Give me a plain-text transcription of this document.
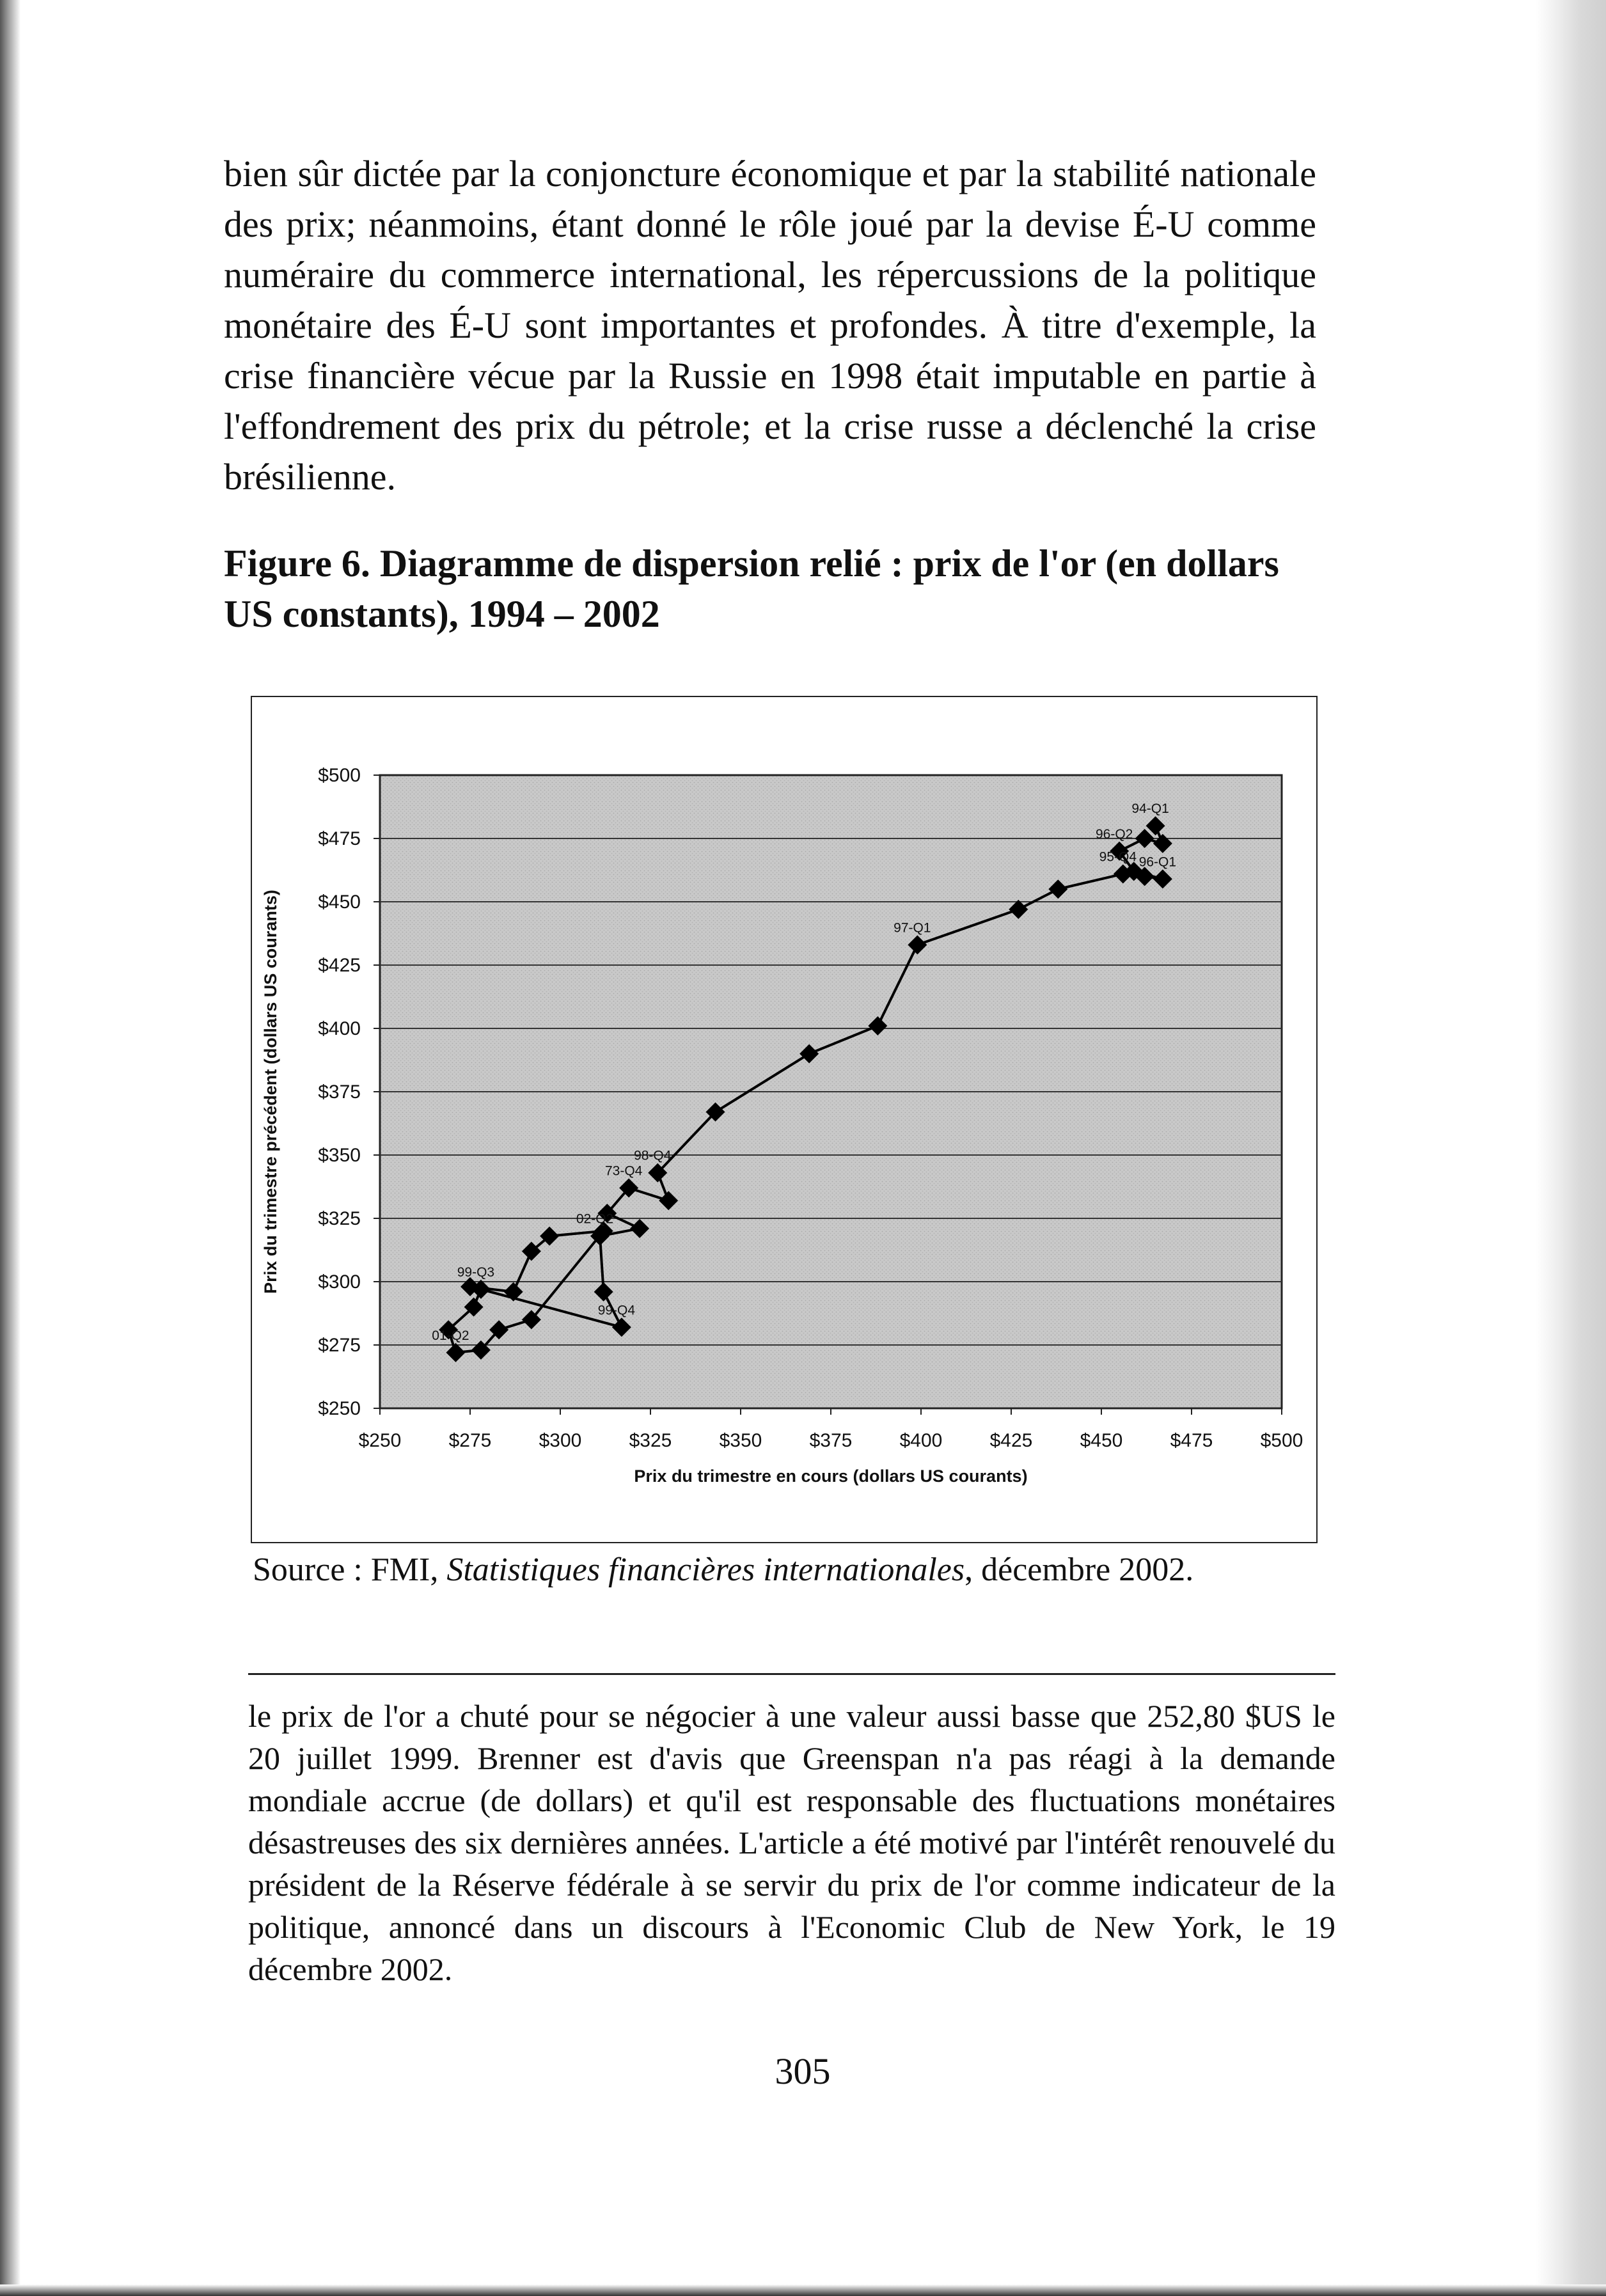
bien sûr dictée par la conjoncture économique et par la stabilité nationale des prix; néanmoins, étant donné le rôle joué par la devise É-U comme numéraire du commerce international, les répercussions de la politique monétaire des É-U sont importantes et profondes. À titre d'exemple, la crise financière vécue par la Russie en 1998 était imputable en partie à l'effondrement des prix du pétrole; et la crise russe a déclenché la crise brésilienne.

Figure 6. Diagramme de dispersion relié : prix de l'or (en dollars US constants), 1994 – 2002

$250
$275
$300
$325
$350
$375
$400
$425
$450
$475
$500
$250 $275 $300 $325 $350 $375 $400 $425 $450 $475 $500
Prix du trimestre précédent (dollars US courants)
Prix du trimestre en cours (dollars US courants)
94-Q1
96-Q2
96-Q1
95-Q4
97-Q1
98-Q4
73-Q4
02-Q2
99-Q4
99-Q3
01-Q2

Source : FMI, Statistiques financières internationales, décembre 2002.

le prix de l'or a chuté pour se négocier à une valeur aussi basse que 252,80 $US le 20 juillet 1999. Brenner est d'avis que Greenspan n'a pas réagi à la demande mondiale accrue (de dollars) et qu'il est responsable des fluctuations monétaires désastreuses des six dernières années. L'article a été motivé par l'intérêt renouvelé du président de la Réserve fédérale à se servir du prix de l'or comme indicateur de la politique, annoncé dans un discours à l'Economic Club de New York, le 19 décembre 2002.

305
